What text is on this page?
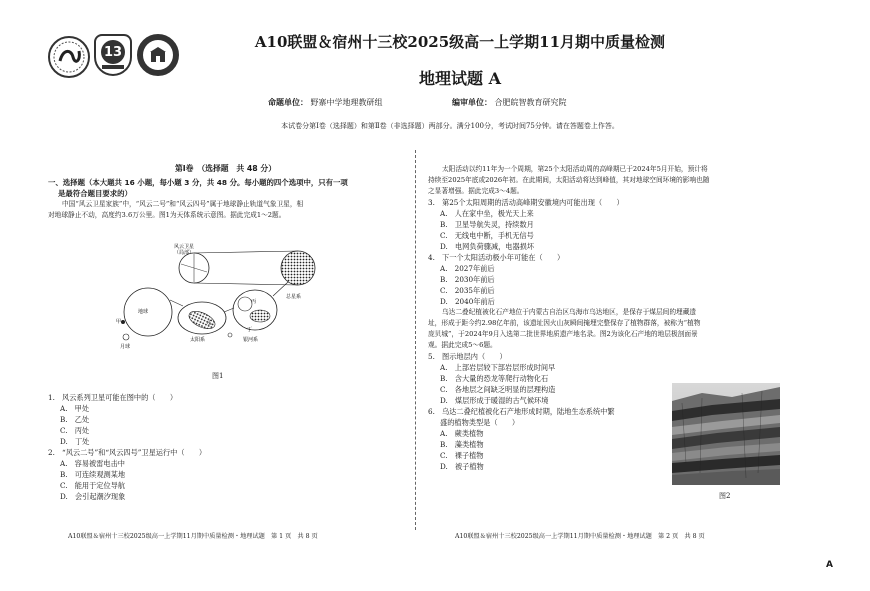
13
A10联盟＆宿州十三校2025级高一上学期11月期中质量检测
地理试题 A
命题单位： 野寨中学地理教研组	编审单位： 合肥皖智教育研究院
本试卷分第Ⅰ卷（选择题）和第Ⅱ卷（非选择题）两部分。满分100分，考试时间75分钟。请在答题卷上作答。
第Ⅰ卷　（选择题　共 48 分）
一、选择题（本大题共 16 小题，每小题 3 分，共 48 分。每小题的四个选项中，只有一项
是最符合题目要求的）
中国“风云卫星家族”中，“风云二号”和“风云四号”属于地球静止轨道气象卫星，相
对地球静止不动，高度约3.6万公里。图1为天体系统示意图。据此完成1～2题。
风云卫星
（局部）
总星系
地球
甲
月球
乙
太阳系
丙
丁
银河系
图1
1.　风云系列卫星可能在图中的（　　）
A.　甲处
B.　乙处
C.　丙处
D.　丁处
2.　“风云二号”和“风云四号”卫星运行中（　　）
A.　容易被雷电击中
B.　可连续观测某地
C.　能用于定位导航
D.　会引起潮汐现象
A10联盟＆宿州十三校2025级高一上学期11月期中质量检测・地理试题　第 1 页　共 8 页
太阳活动以约11年为一个周期，第25个太阳活动周的高峰期已于2024年5月开始，预计将
持续至2025年底或2026年初。在此期间，太阳活动将达到峰值，其对地球空间环境的影响也随
之显著增强。据此完成3～4题。
3.　第25个太阳周期的活动高峰期安徽境内可能出现（　　）
A.　人在家中坐，极光天上来
B.　卫星导航失灵，持续数月
C.　无线电中断，手机无信号
D.　电网负荷骤减，电器损坏
4.　下一个太阳活动极小年可能在（　　）
A.　2027年前后
B.　2030年前后
C.　2035年前后
D.　2040年前后
乌达二叠纪植被化石产地位于内蒙古自治区乌海市乌达地区，是保存于煤层间的埋藏遗
址，形成于距今约2.98亿年前，该遗址因火山灰瞬间掩埋完整保存了植物群落，被称为“植物
庞贝城”，于2024年9月入选第二批世界地质遗产地名录。图2为该化石产地的地层极剖面景
观。据此完成5～6题。
5.　图示地层内（　　）
A.　上部岩层较下部岩层形成时间早
B.　含大量的恐龙等爬行动物化石
C.　各地层之间缺乏明显的层理构造
D.　煤层形成于暖湿的古气候环境
6.　乌达二叠纪植被化石产地形成时期，陆地生态系统中繁
盛的植物类型是（　　）
A.　蕨类植物
B.　藻类植物
C.　裸子植物
D.　被子植物
图2
A10联盟＆宿州十三校2025级高一上学期11月期中质量检测・地理试题　第 2 页　共 8 页
A
